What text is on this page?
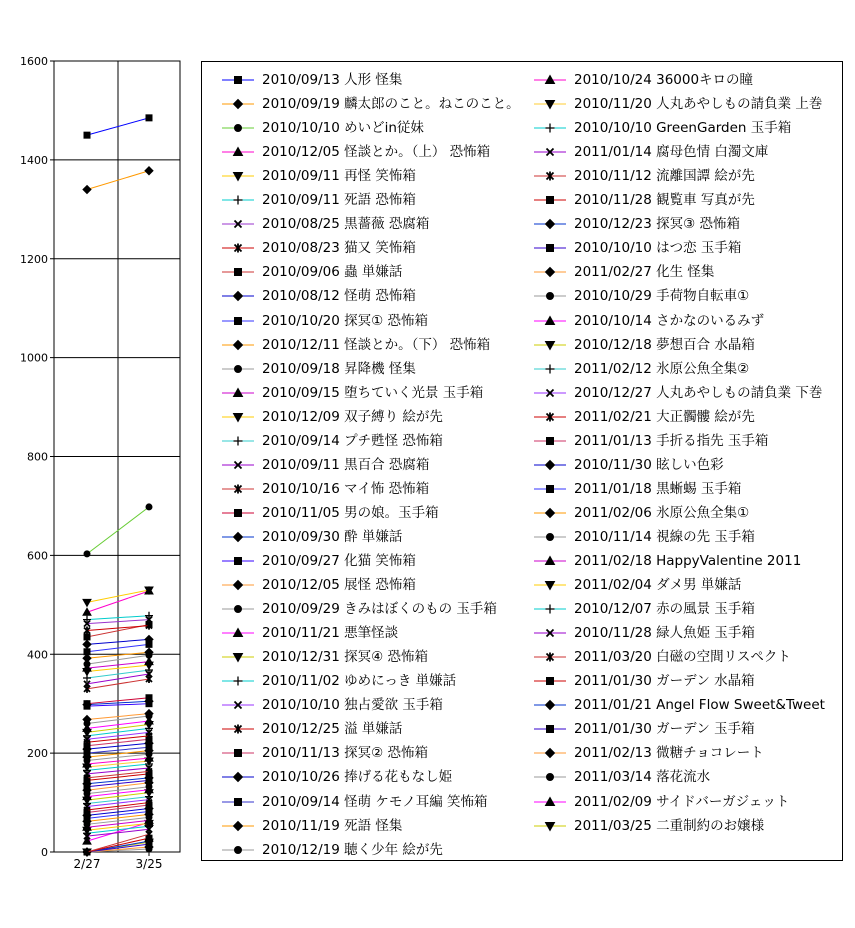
0
200
400
600
800
1000
1200
1400
1600
2/27	3/25
2010/09/13 人形 怪集
2010/09/19 麟太郎のこと。ねこのこと。
2010/10/10 めいどin従妹
2010/12/05 怪談とか。（上） 恐怖箱
2010/09/11 再怪 笑怖箱
2010/09/11 死語 恐怖箱
2010/08/25 黒薔薇 恐腐箱
2010/08/23 猫又 笑怖箱
2010/09/06 蟲 単嫌話
2010/08/12 怪萌 恐怖箱
2010/10/20 探冥① 恐怖箱
2010/12/11 怪談とか。（下） 恐怖箱
2010/09/18 昇降機 怪集
2010/09/15 堕ちていく光景 玉手箱
2010/12/09 双子縛り 絵が先
2010/09/14 プチ甦怪 恐怖箱
2010/09/11 黒百合 恐腐箱
2010/10/16 マイ怖 恐怖箱
2010/11/05 男の娘。玉手箱
2010/09/30 酔 単嫌話
2010/09/27 化猫 笑怖箱
2010/12/05 展怪 恐怖箱
2010/09/29 きみはぼくのもの 玉手箱
2010/11/21 悪筆怪談
2010/12/31 探冥④ 恐怖箱
2010/11/02 ゆめにっき 単嫌話
2010/10/10 独占愛欲 玉手箱
2010/12/25 溢 単嫌話
2010/11/13 探冥② 恐怖箱
2010/10/26 捧げる花もなし姫
2010/09/14 怪萌 ケモノ耳編 笑怖箱
2010/11/19 死語 怪集
2010/12/19 聴く少年 絵が先
2010/10/24 36000キロの瞳
2010/11/20 人丸あやしもの請負業 上巻
2010/10/10 GreenGarden 玉手箱
2011/01/14 腐母色情 白濁文庫
2010/11/12 流離国譚 絵が先
2010/11/28 観覧車 写真が先
2010/12/23 探冥③ 恐怖箱
2010/10/10 はつ恋 玉手箱
2011/02/27 化生 怪集
2010/10/29 手荷物自転車①
2010/10/14 さかなのいるみず
2010/12/18 夢想百合 水晶箱
2011/02/12 氷原公魚全集②
2010/12/27 人丸あやしもの請負業 下巻
2011/02/21 大正髑髏 絵が先
2011/01/13 手折る指先 玉手箱
2010/11/30 眩しい色彩
2011/01/18 黒蜥蜴 玉手箱
2011/02/06 氷原公魚全集①
2010/11/14 視線の先 玉手箱
2011/02/18 HappyValentine 2011
2011/02/04 ダメ男 単嫌話
2010/12/07 赤の風景 玉手箱
2010/11/28 緑人魚姫 玉手箱
2011/03/20 白磁の空間リスペクト
2011/01/30 ガーデン 水晶箱
2011/01/21 Angel Flow Sweet&Tweet
2011/01/30 ガーデン 玉手箱
2011/02/13 微糖チョコレート
2011/03/14 落花流水
2011/02/09 サイドバーガジェット
2011/03/25 二重制約のお嬢様
